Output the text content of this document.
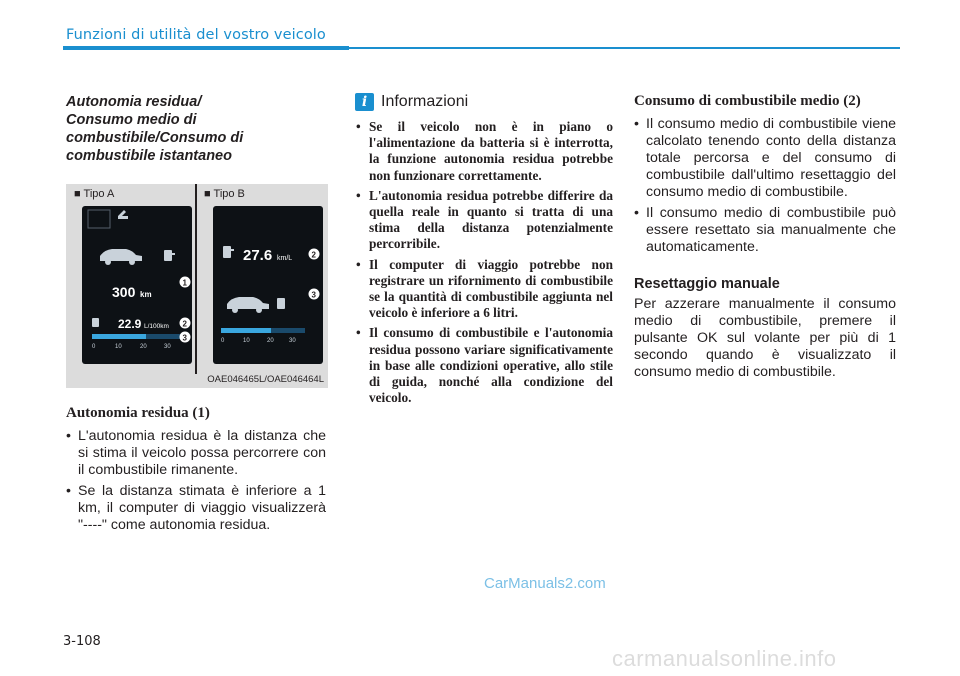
Funzioni di utilità del vostro veicolo
Autonomia residua/
Consumo medio di
combustibile/Consumo di
combustibile istantaneo
■ Tipo A	■ Tipo B
300 km
22.9 L/100km
0	10	20	30
1
2
3
27.6 km/L
0	10	20	30
2
3
OAE046465L/OAE046464L
Autonomia residua (1)
• L'autonomia residua è la distanza che si stima il veicolo possa percorrere con il combustibile rimanente.
• Se la distanza stimata è inferiore a 1 km, il computer di viaggio visualizzerà "----" come autonomia residua.
i Informazioni
• Se il veicolo non è in piano o l'alimentazione da batteria si è interrotta, la funzione autonomia residua potrebbe non funzionare correttamente.
• L'autonomia residua potrebbe differire da quella reale in quanto si tratta di una stima della distanza potenzialmente percorribile.
• Il computer di viaggio potrebbe non registrare un rifornimento di combustibile se la quantità di combustibile aggiunta nel veicolo è inferiore a 6 litri.
• Il consumo di combustibile e l'autonomia residua possono variare significativamente in base alle condizioni operative, allo stile di guida, nonché alla condizione del veicolo.
Consumo di combustibile medio (2)
• Il consumo medio di combustibile viene calcolato tenendo conto della distanza totale percorsa e del consumo di combustibile dall'ultimo resettaggio del consumo medio di combustibile.
• Il consumo medio di combustibile può essere resettato sia manualmente che automaticamente.
Resettaggio manuale

Per azzerare manualmente il consumo medio di combustibile, premere il pulsante OK sul volante per più di 1 secondo quando è visualizzato il consumo medio di combustibile.

CarManuals2.com
3-108
carmanualsonline.info
